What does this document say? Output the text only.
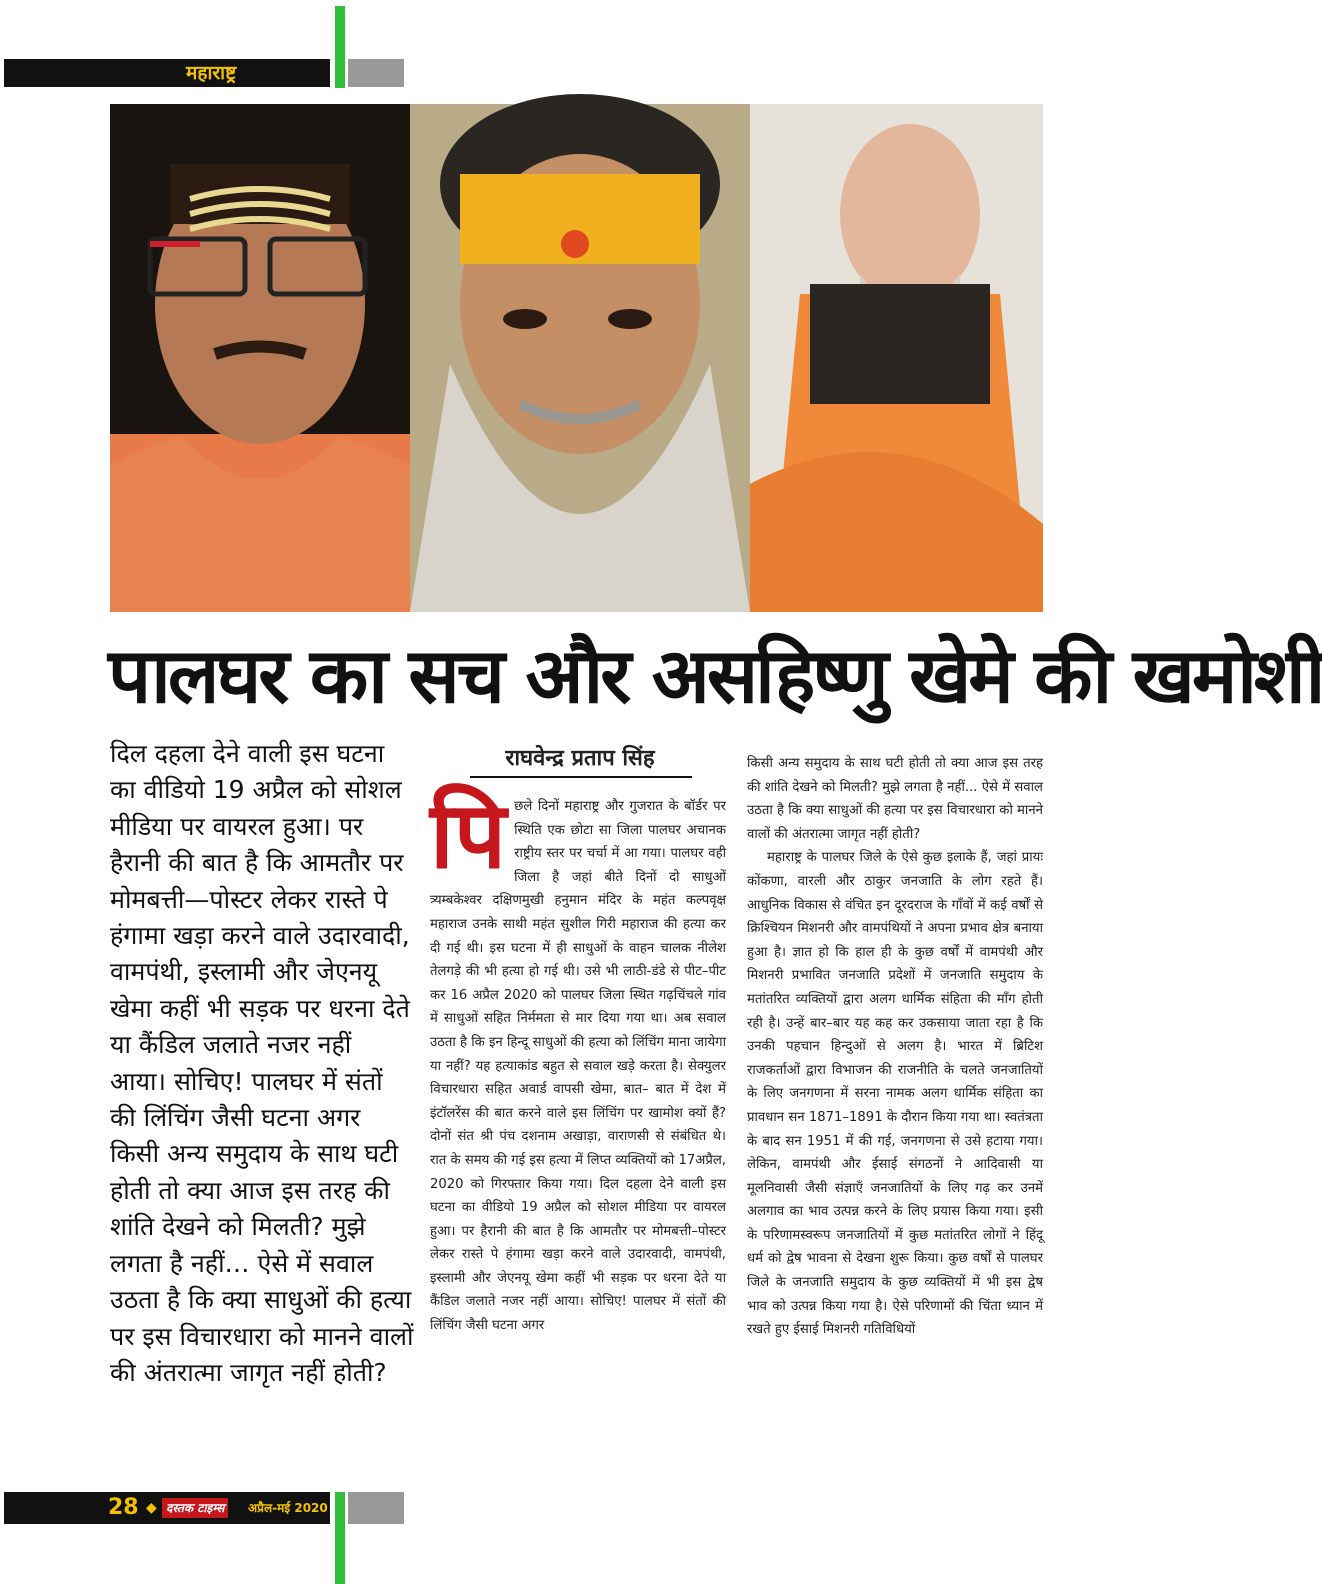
महाराष्ट्र
पालघर का सच और असहिष्णु खेमे की खमोशी
दिल दहला देने वाली इस घटना का वीडियो 19 अप्रैल को सोशल मीडिया पर वायरल हुआ। पर हैरानी की बात है कि आमतौर पर मोमबत्ती—पोस्टर लेकर रास्ते पे हंगामा खड़ा करने वाले उदारवादी, वामपंथी, इस्लामी और जेएनयू खेमा कहीं भी सड़क पर धरना देते या कैंडिल जलाते नजर नहीं आया। सोचिए! पालघर में संतों की लिंचिंग जैसी घटना अगर किसी अन्य समुदाय के साथ घटी होती तो क्या आज इस तरह की शांति देखने को मिलती? मुझे लगता है नहीं… ऐसे में सवाल उठता है कि क्या साधुओं की हत्या पर इस विचारधारा को मानने वालों की अंतरात्मा जागृत नहीं होती?
राघवेन्द्र प्रताप सिंह
पि छले दिनों महाराष्ट्र और गुजरात के बॉर्डर पर स्थिति एक छोटा सा जिला पालघर अचानक राष्ट्रीय स्तर पर चर्चा में आ गया। पालघर वही जिला है जहां बीते दिनों दो साधुओं त्र्यम्बकेश्वर दक्षिणमुखी हनुमान मंदिर के महंत कल्पवृक्ष महाराज उनके साथी महंत सुशील गिरी महाराज की हत्या कर दी गई थी। इस घटना में ही साधुओं के वाहन चालक नीलेश तेलगड़े की भी हत्या हो गई थी। उसे भी लाठी-डंडे से पीट–पीट कर 16 अप्रैल 2020 को पालघर जिला स्थित गढ़चिंचले गांव में साधुओं सहित निर्ममता से मार दिया गया था। अब सवाल उठता है कि इन हिन्दू साधुओं की हत्या को लिंचिंग माना जायेगा या नहीं? यह हत्याकांड बहुत से सवाल खड़े करता है। सेक्युलर विचारधारा सहित अवार्ड वापसी खेमा, बात– बात में देश में इंटॉलरेंस की बात करने वाले इस लिंचिंग पर खामोश क्यों हैं? दोनों संत श्री पंच दशनाम अखाड़ा, वाराणसी से संबंधित थे। रात के समय की गई इस हत्या में लिप्त व्यक्तियों को 17अप्रैल, 2020 को गिरफ्तार किया गया। दिल दहला देने वाली इस घटना का वीडियो 19 अप्रैल को सोशल मीडिया पर वायरल हुआ। पर हैरानी की बात है कि आमतौर पर मोमबत्ती–पोस्टर लेकर रास्ते पे हंगामा खड़ा करने वाले उदारवादी, वामपंथी, इस्लामी और जेएनयू खेमा कहीं भी सड़क पर धरना देते या कैंडिल जलाते नजर नहीं आया। सोचिए! पालघर में संतों की लिंचिंग जैसी घटना अगर
किसी अन्य समुदाय के साथ घटी होती तो क्या आज इस तरह की शांति देखने को मिलती? मुझे लगता है नहीं... ऐसे में सवाल उठता है कि क्या साधुओं की हत्या पर इस विचारधारा को मानने वालों की अंतरात्मा जागृत नहीं होती?
महाराष्ट्र के पालघर जिले के ऐसे कुछ इलाके हैं, जहां प्रायः कोंकणा, वारली और ठाकुर जनजाति के लोग रहते हैं। आधुनिक विकास से वंचित इन दूरदराज के गाँवों में कई वर्षों से क्रिश्चियन मिशनरी और वामपंथियों ने अपना प्रभाव क्षेत्र बनाया हुआ है। ज्ञात हो कि हाल ही के कुछ वर्षों में वामपंथी और मिशनरी प्रभावित जनजाति प्रदेशों में जनजाति समुदाय के मतांतरित व्यक्तियों द्वारा अलग धार्मिक संहिता की माँग होती रही है। उन्हें बार–बार यह कह कर उकसाया जाता रहा है कि उनकी पहचान हिन्दुओं से अलग है। भारत में ब्रिटिश राजकर्ताओं द्वारा विभाजन की राजनीति के चलते जनजातियों के लिए जनगणना में सरना नामक अलग धार्मिक संहिता का प्रावधान सन 1871–1891 के दौरान किया गया था। स्वतंत्रता के बाद सन 1951 में की गई, जनगणना से उसे हटाया गया। लेकिन, वामपंथी और ईसाई संगठनों ने आदिवासी या मूलनिवासी जैसी संज्ञाएँ जनजातियों के लिए गढ़ कर उनमें अलगाव का भाव उत्पन्न करने के लिए प्रयास किया गया। इसी के परिणामस्वरूप जनजातियों में कुछ मतांतरित लोगों ने हिंदू धर्म को द्वेष भावना से देखना शुरू किया। कुछ वर्षों से पालघर जिले के जनजाति समुदाय के कुछ व्यक्तियों में भी इस द्वेष भाव को उत्पन्न किया गया है। ऐसे परिणामों की चिंता ध्यान में रखते हुए ईसाई मिशनरी गतिविधियों
28 ◆ दस्तक टाइम्स	अप्रैल-मई 2020
